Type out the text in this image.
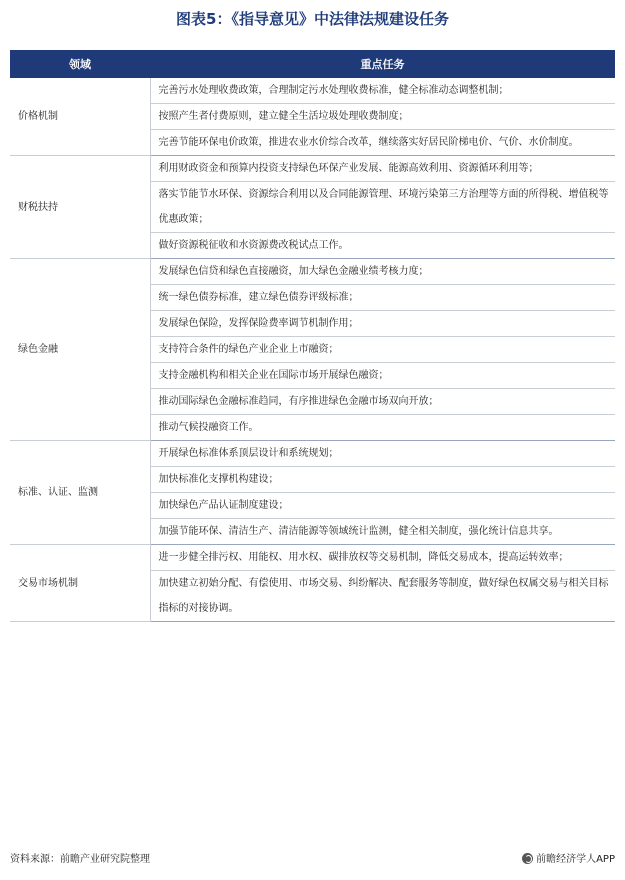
图表5：《指导意见》中法律法规建设任务
领域	重点任务
价格机制	完善污水处理收费政策，合理制定污水处理收费标准，健全标准动态调整机制；
	按照产生者付费原则，建立健全生活垃圾处理收费制度；
	完善节能环保电价政策，推进农业水价综合改革，继续落实好居民阶梯电价、气价、水价制度。
财税扶持	利用财政资金和预算内投资支持绿色环保产业发展、能源高效利用、资源循环利用等；
	落实节能节水环保、资源综合利用以及合同能源管理、环境污染第三方治理等方面的所得税、增值税等优惠政策；
	做好资源税征收和水资源费改税试点工作。
绿色金融	发展绿色信贷和绿色直接融资，加大绿色金融业绩考核力度；
	统一绿色债券标准，建立绿色债券评级标准；
	发展绿色保险，发挥保险费率调节机制作用；
	支持符合条件的绿色产业企业上市融资；
	支持金融机构和相关企业在国际市场开展绿色融资；
	推动国际绿色金融标准趋同，有序推进绿色金融市场双向开放；
	推动气候投融资工作。
标准、认证、监测	开展绿色标准体系顶层设计和系统规划；
	加快标准化支撑机构建设；
	加快绿色产品认证制度建设；
	加强节能环保、清洁生产、清洁能源等领域统计监测，健全相关制度，强化统计信息共享。
交易市场机制	进一步健全排污权、用能权、用水权、碳排放权等交易机制，降低交易成本，提高运转效率；
	加快建立初始分配、有偿使用、市场交易、纠纷解决、配套服务等制度，做好绿色权属交易与相关目标指标的对接协调。
资料来源：前瞻产业研究院整理	前瞻经济学人APP
